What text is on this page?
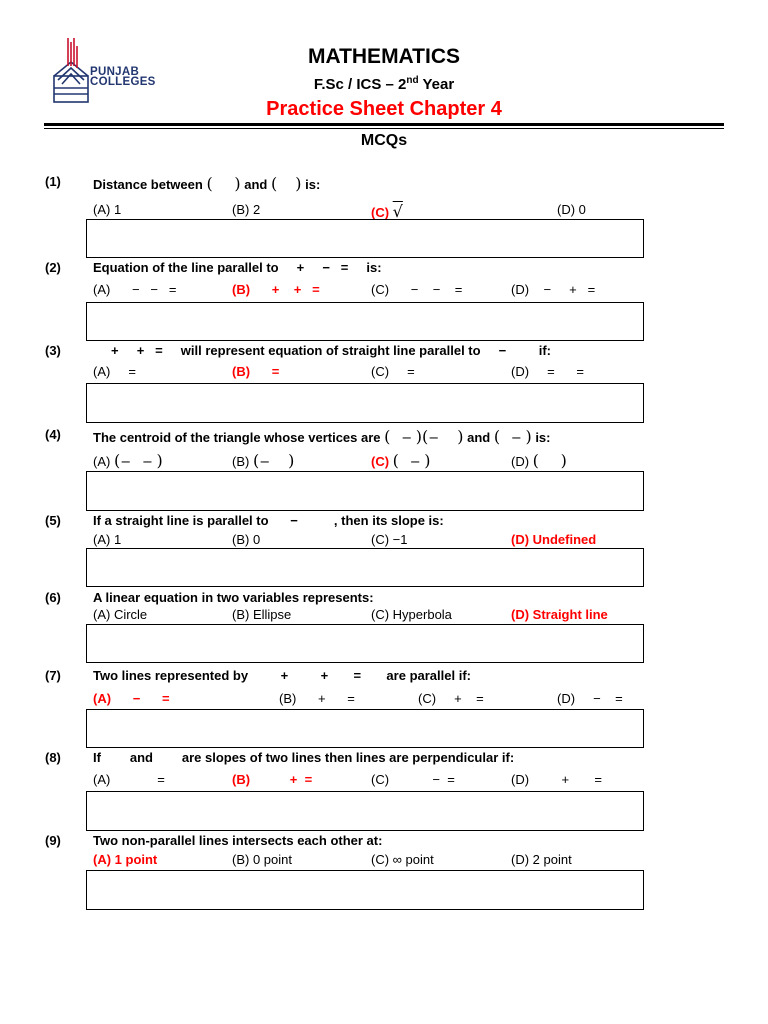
PUNJAB
COLLEGES
MATHEMATICS
F.Sc / ICS – 2nd Year
Practice Sheet Chapter 4
MCQs
(1) Distance between ( ) and ( ) is:
(A) 1	(B) 2	(C) √	(D) 0
(2) Equation of the line parallel to     +     −   =     is:
(A)      −   −   =	(B)      +    +   =	(C)      −    −    =	(D)    −     +   =
(3) +     +   =     will represent equation of straight line parallel to     −         if:
(A)     =	(B)      =	(C)     =	(D)     =      =
(4) The centroid of the triangle whose vertices are ( − )(− ) and ( − ) is:
(A) (− − )	(B) (− )	(C) ( − )	(D) ( )
(5) If a straight line is parallel to      −          , then its slope is:
(A) 1	(B) 0	(C) −1	(D) Undefined
(6) A linear equation in two variables represents:
(A) Circle	(B) Ellipse	(C) Hyperbola	(D) Straight line
(7) Two lines represented by         +         +       =       are parallel if:
(A)      −      =	(B)      +      =	(C)     +    =	(D)     −    =
(8) If        and        are slopes of two lines then lines are perpendicular if:
(A)             =	(B)           +  =	(C)            −  =	(D)         +       =
(9) Two non-parallel lines intersects each other at:
(A) 1 point	(B) 0 point	(C) ∞ point	(D) 2 point
